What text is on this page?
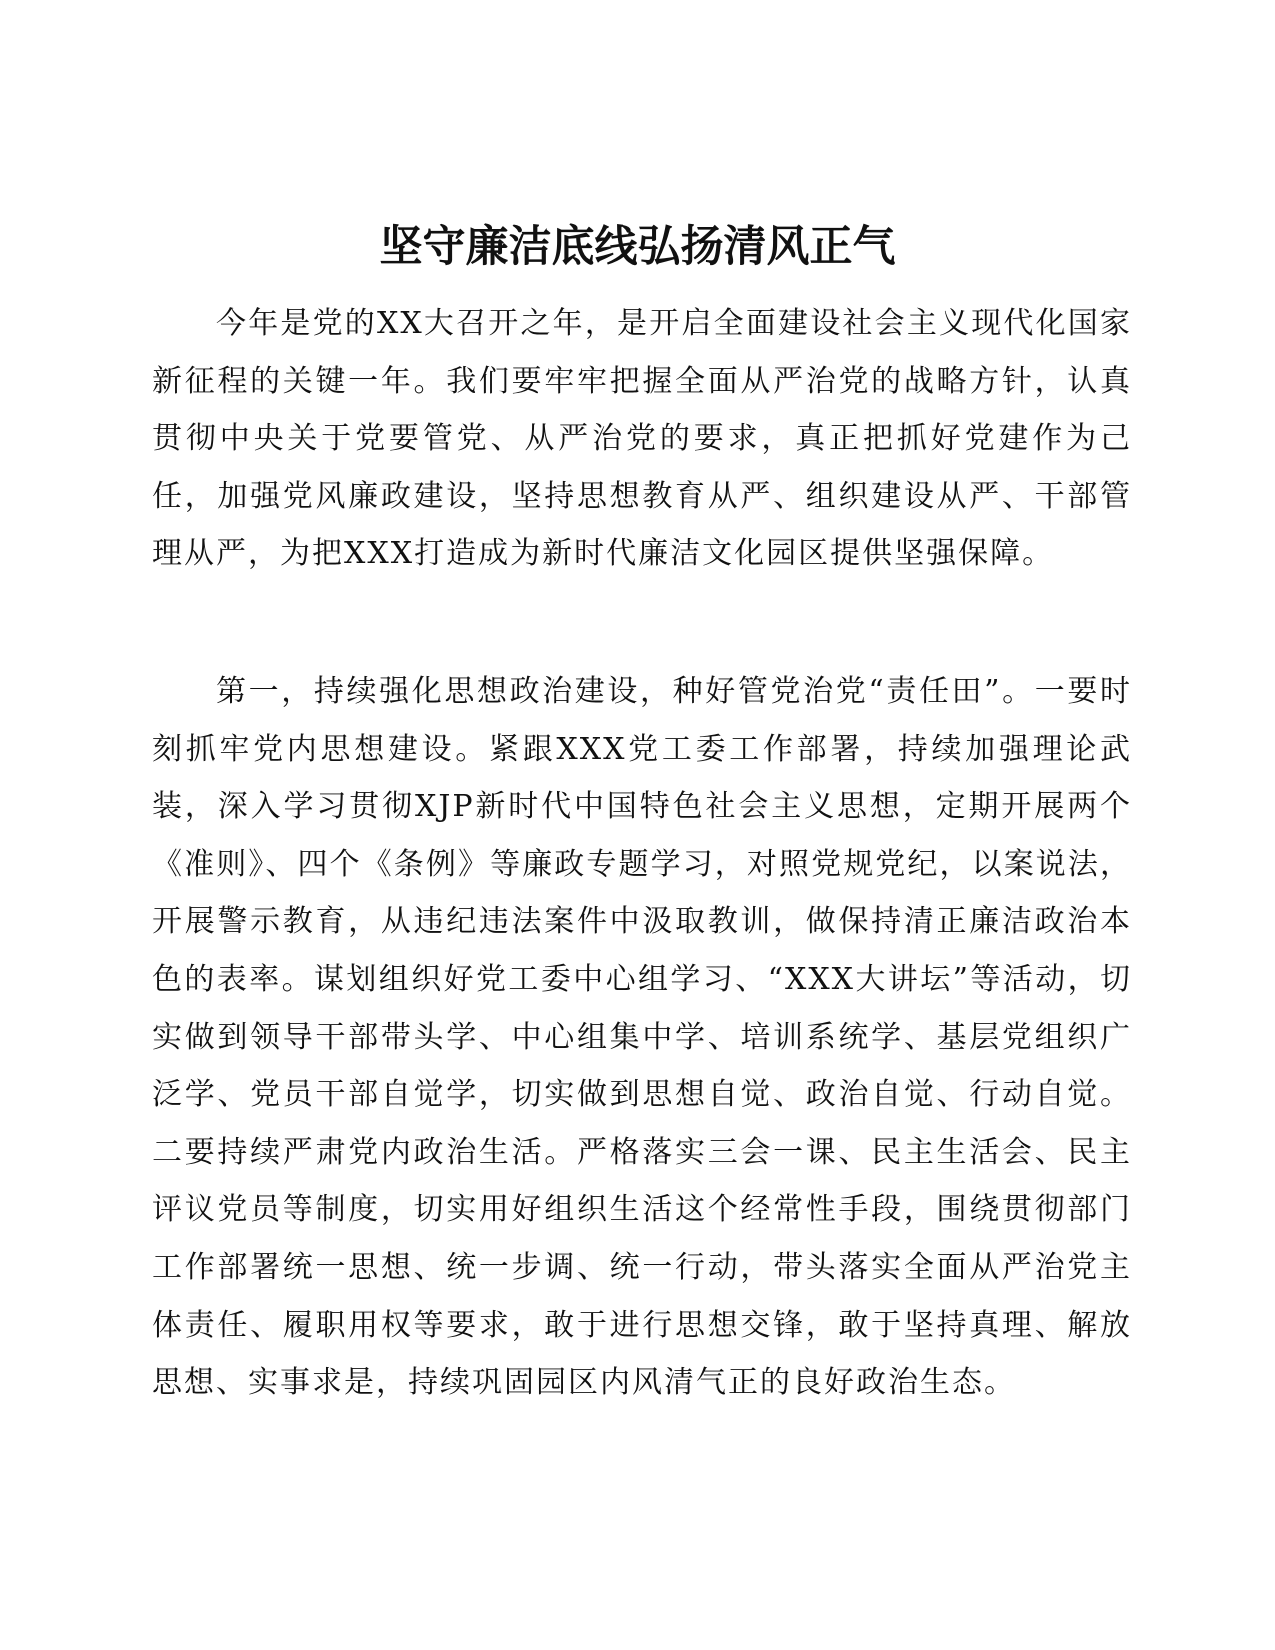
坚守廉洁底线弘扬清风正气

今年是党的XX大召开之年，是开启全面建设社会主义现代化国家新征程的关键一年。我们要牢牢把握全面从严治党的战略方针，认真贯彻中央关于党要管党、从严治党的要求，真正把抓好党建作为己任，加强党风廉政建设，坚持思想教育从严、组织建设从严、干部管理从严，为把XXX打造成为新时代廉洁文化园区提供坚强保障。

第一，持续强化思想政治建设，种好管党治党“责任田”。一要时刻抓牢党内思想建设。紧跟XXX党工委工作部署，持续加强理论武装，深入学习贯彻XJP新时代中国特色社会主义思想，定期开展两个《准则》、四个《条例》等廉政专题学习，对照党规党纪，以案说法，开展警示教育，从违纪违法案件中汲取教训，做保持清正廉洁政治本色的表率。谋划组织好党工委中心组学习、“XXX大讲坛”等活动，切实做到领导干部带头学、中心组集中学、培训系统学、基层党组织广泛学、党员干部自觉学，切实做到思想自觉、政治自觉、行动自觉。二要持续严肃党内政治生活。严格落实三会一课、民主生活会、民主评议党员等制度，切实用好组织生活这个经常性手段，围绕贯彻部门工作部署统一思想、统一步调、统一行动，带头落实全面从严治党主体责任、履职用权等要求，敢于进行思想交锋，敢于坚持真理、解放思想、实事求是，持续巩固园区内风清气正的良好政治生态。
